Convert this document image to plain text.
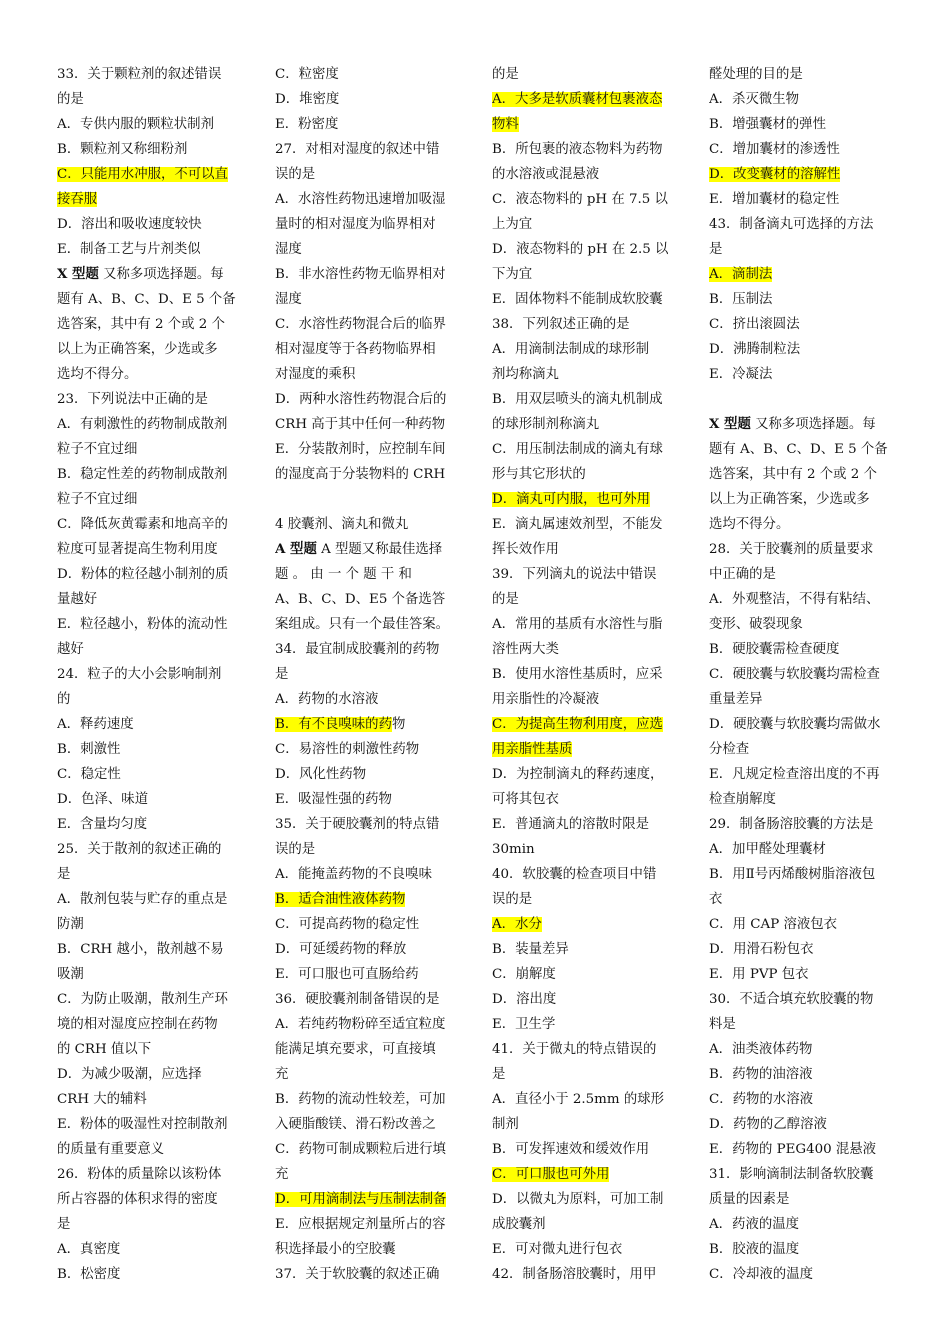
33．关于颗粒剂的叙述错误
的是
A．专供内服的颗粒状制剂
B．颗粒剂又称细粉剂
C．只能用水冲服，不可以直
接吞服
D．溶出和吸收速度较快
E．制备工艺与片剂类似
X 型题 又称多项选择题。每
题有 A、B、C、D、E 5 个备
选答案，其中有 2 个或 2 个
以上为正确答案，少选或多
选均不得分。
23．下列说法中正确的是
A．有刺激性的药物制成散剂
粒子不宜过细
B．稳定性差的药物制成散剂
粒子不宜过细
C．降低灰黄霉素和地高辛的
粒度可显著提高生物利用度
D．粉体的粒径越小制剂的质
量越好
E．粒径越小，粉体的流动性
越好
24．粒子的大小会影响制剂
的
A．释药速度
B．刺激性
C．稳定性
D．色泽、味道
E．含量均匀度
25．关于散剂的叙述正确的
是
A．散剂包装与贮存的重点是
防潮
B．CRH 越小，散剂越不易
吸潮
C．为防止吸潮，散剂生产环
境的相对湿度应控制在药物
的 CRH 值以下
D．为减少吸潮，应选择
CRH 大的辅料
E．粉体的吸湿性对控制散剂
的质量有重要意义
26．粉体的质量除以该粉体
所占容器的体积求得的密度
是
A．真密度
B．松密度
C．粒密度
D．堆密度
E．粉密度
27．对相对湿度的叙述中错
误的是
A．水溶性药物迅速增加吸湿
量时的相对湿度为临界相对
湿度
B．非水溶性药物无临界相对
湿度
C．水溶性药物混合后的临界
相对湿度等于各药物临界相
对湿度的乘积
D．两种水溶性药物混合后的
CRH 高于其中任何一种药物
E．分装散剂时，应控制车间
的湿度高于分装物料的 CRH
4 胶囊剂、滴丸和微丸
A 型题 A 型题又称最佳选择
题 。 由 一 个 题 干 和
A、B、C、D、E5 个备选答
案组成。只有一个最佳答案。
34．最宜制成胶囊剂的药物
是
A．药物的水溶液
B．有不良嗅味的药物
C．易溶性的刺激性药物
D．风化性药物
E．吸湿性强的药物
35．关于硬胶囊剂的特点错
误的是
A．能掩盖药物的不良嗅味
B．适合油性液体药物
C．可提高药物的稳定性
D．可延缓药物的释放
E．可口服也可直肠给药
36．硬胶囊剂制备错误的是
A．若纯药物粉碎至适宜粒度
能满足填充要求，可直接填
充
B．药物的流动性较差，可加
入硬脂酸镁、滑石粉改善之
C．药物可制成颗粒后进行填
充
D．可用滴制法与压制法制备
E．应根据规定剂量所占的容
积选择最小的空胶囊
37．关于软胶囊的叙述正确
的是
A．大多是软质囊材包裹液态
物料
B．所包裹的液态物料为药物
的水溶液或混悬液
C．液态物料的 pH 在 7.5 以
上为宜
D．液态物料的 pH 在 2.5 以
下为宜
E．固体物料不能制成软胶囊
38．下列叙述正确的是
A．用滴制法制成的球形制
剂均称滴丸
B．用双层喷头的滴丸机制成
的球形制剂称滴丸
C．用压制法制成的滴丸有球
形与其它形状的
D．滴丸可内服，也可外用
E．滴丸属速效剂型，不能发
挥长效作用
39．下列滴丸的说法中错误
的是
A．常用的基质有水溶性与脂
溶性两大类
B．使用水溶性基质时，应采
用亲脂性的冷凝液
C．为提高生物利用度，应选
用亲脂性基质
D．为控制滴丸的释药速度，
可将其包衣
E．普通滴丸的溶散时限是
30min
40．软胶囊的检查项目中错
误的是
A．水分
B．装量差异
C．崩解度
D．溶出度
E．卫生学
41．关于微丸的特点错误的
是
A．直径小于 2.5mm 的球形
制剂
B．可发挥速效和缓效作用
C．可口服也可外用
D．以微丸为原料，可加工制
成胶囊剂
E．可对微丸进行包衣
42．制备肠溶胶囊时，用甲
醛处理的目的是
A．杀灭微生物
B．增强囊材的弹性
C．增加囊材的渗透性
D．改变囊材的溶解性
E．增加囊材的稳定性
43．制备滴丸可选择的方法
是
A．滴制法
B．压制法
C．挤出滚圆法
D．沸腾制粒法
E．冷凝法
X 型题 又称多项选择题。每
题有 A、B、C、D、E 5 个备
选答案，其中有 2 个或 2 个
以上为正确答案，少选或多
选均不得分。
28．关于胶囊剂的质量要求
中正确的是
A．外观整洁，不得有粘结、
变形、破裂现象
B．硬胶囊需检查硬度
C．硬胶囊与软胶囊均需检查
重量差异
D．硬胶囊与软胶囊均需做水
分检查
E．凡规定检查溶出度的不再
检查崩解度
29．制备肠溶胶囊的方法是
A．加甲醛处理囊材
B．用Ⅱ号丙烯酸树脂溶液包
衣
C．用 CAP 溶液包衣
D．用滑石粉包衣
E．用 PVP 包衣
30．不适合填充软胶囊的物
料是
A．油类液体药物
B．药物的油溶液
C．药物的水溶液
D．药物的乙醇溶液
E．药物的 PEG400 混悬液
31．影响滴制法制备软胶囊
质量的因素是
A．药液的温度
B．胶液的温度
C．冷却液的温度
